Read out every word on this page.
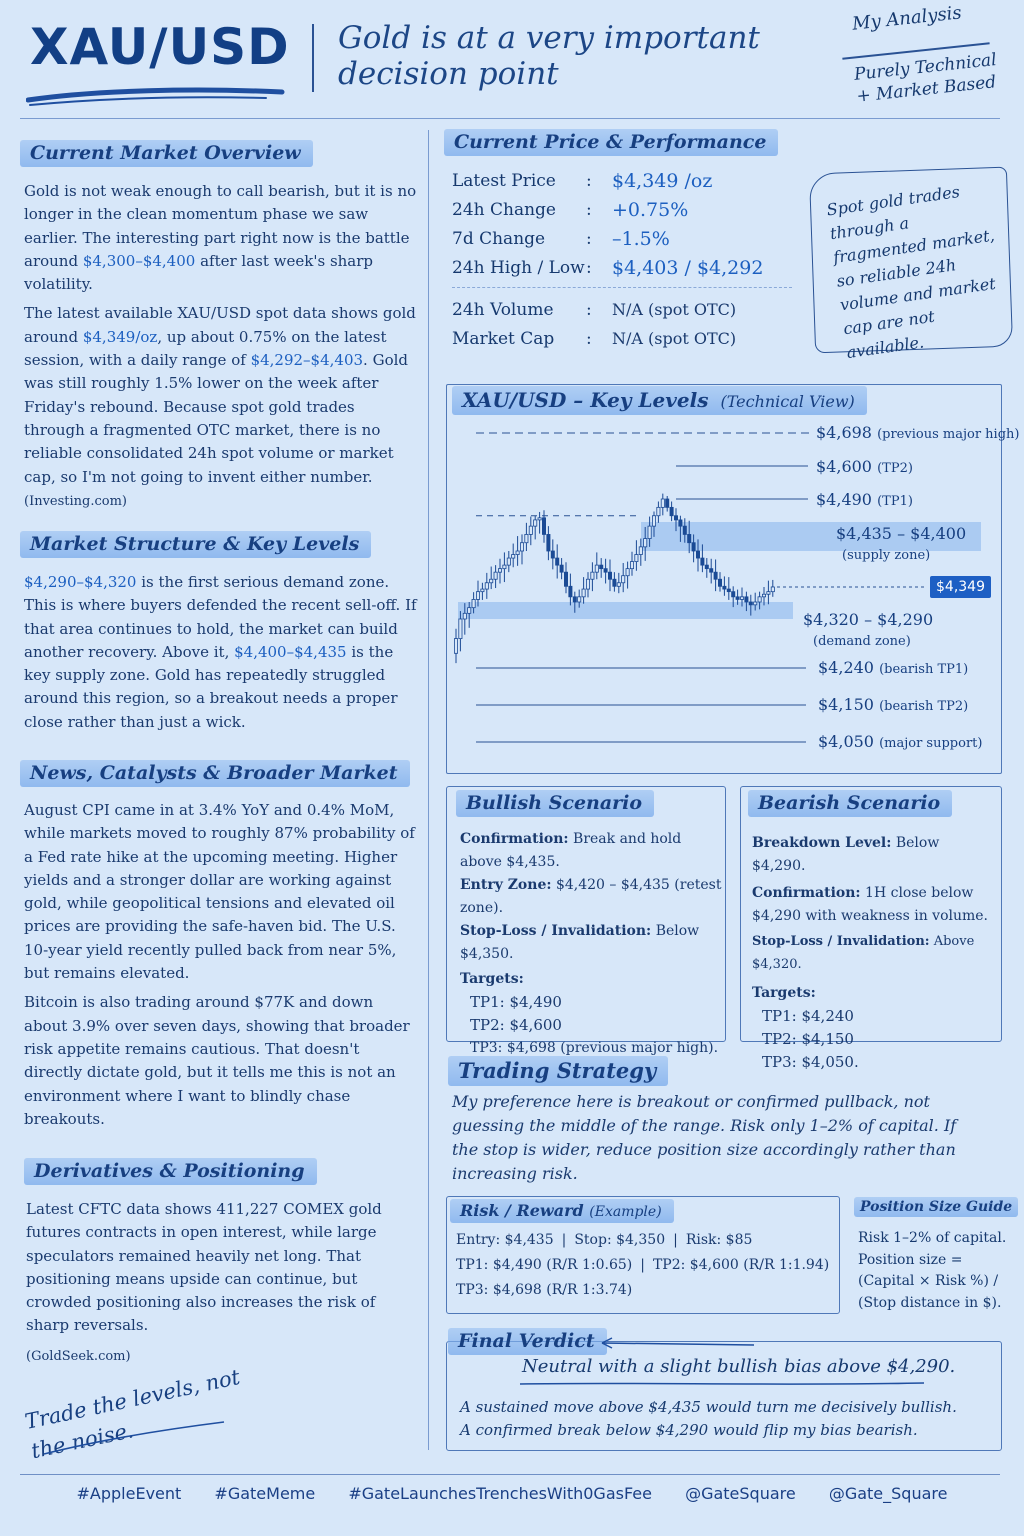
XAU/USD Gold is at a very important decision point
My Analysis
Purely Technical + Market Based
Current Market Overview

Gold is not weak enough to call bearish, but it is no longer in the clean momentum phase we saw earlier. The interesting part right now is the battle around $4,300–$4,400 after last week's sharp volatility.

The latest available XAU/USD spot data shows gold around $4,349/oz, up about 0.75% on the latest session, with a daily range of $4,292–$4,403. Gold was still roughly 1.5% lower on the week after Friday's rebound. Because spot gold trades through a fragmented OTC market, there is no reliable consolidated 24h spot volume or market cap, so I'm not going to invent either number.
(Investing.com)

Market Structure & Key Levels

$4,290–$4,320 is the first serious demand zone. This is where buyers defended the recent sell-off. If that area continues to hold, the market can build another recovery. Above it, $4,400–$4,435 is the key supply zone. Gold has repeatedly struggled around this region, so a breakout needs a proper close rather than just a wick.

News, Catalysts & Broader Market

August CPI came in at 3.4% YoY and 0.4% MoM, while markets moved to roughly 87% probability of a Fed rate hike at the upcoming meeting. Higher yields and a stronger dollar are working against gold, while geopolitical tensions and elevated oil prices are providing the safe-haven bid. The U.S. 10-year yield recently pulled back from near 5%, but remains elevated.

Bitcoin is also trading around $77K and down about 3.9% over seven days, showing that broader risk appetite remains cautious. That doesn't directly dictate gold, but it tells me this is not an environment where I want to blindly chase breakouts.

Derivatives & Positioning

Latest CFTC data shows 411,227 COMEX gold futures contracts in open interest, while large speculators remained heavily net long. That positioning means upside can continue, but crowded positioning also increases the risk of sharp reversals.

(GoldSeek.com)
Trade the levels, not the noise.
Current Price & Performance
Latest Price	:	$4,349 /oz
24h Change	:	+0.75%
7d Change	:	–1.5%
24h High / Low :	$4,403 / $4,292
24h Volume	:	N/A (spot OTC)
Market Cap	:	N/A (spot OTC)
Spot gold trades through a fragmented market, so reliable 24h volume and market cap are not available.
XAU/USD – Key Levels (Technical View)
$4,698 (previous major high)
$4,600 (TP2)
$4,490 (TP1)
$4,435 – $4,400
(supply zone)
$4,349
$4,320 – $4,290
(demand zone)
$4,240 (bearish TP1)
$4,150 (bearish TP2)
$4,050 (major support)
Bullish Scenario
Confirmation: Break and hold above $4,435.
Entry Zone: $4,420 – $4,435 (retest zone).
Stop-Loss / Invalidation: Below $4,350.
Targets:
TP1: $4,490
TP2: $4,600
TP3: $4,698 (previous major high).
Bearish Scenario
Breakdown Level: Below $4,290.
Confirmation: 1H close below $4,290 with weakness in volume.
Stop-Loss / Invalidation: Above $4,320.
Targets:
TP1: $4,240
TP2: $4,150
TP3: $4,050.
Trading Strategy
My preference here is breakout or confirmed pullback, not guessing the middle of the range. Risk only 1–2% of capital. If the stop is wider, reduce position size accordingly rather than increasing risk.
Risk / Reward (Example)
Entry: $4,435 | Stop: $4,350 | Risk: $85
TP1: $4,490 (R/R 1:0.65) | TP2: $4,600 (R/R 1:1.94)
TP3: $4,698 (R/R 1:3.74)
Position Size Guide
Risk 1–2% of capital. Position size = (Capital × Risk %) / (Stop distance in $).
Final Verdict
Neutral with a slight bullish bias above $4,290.
A sustained move above $4,435 would turn me decisively bullish.
A confirmed break below $4,290 would flip my bias bearish.
#AppleEvent #GateMeme #GateLaunchesTrenchesWith0GasFee @GateSquare @Gate_Square
